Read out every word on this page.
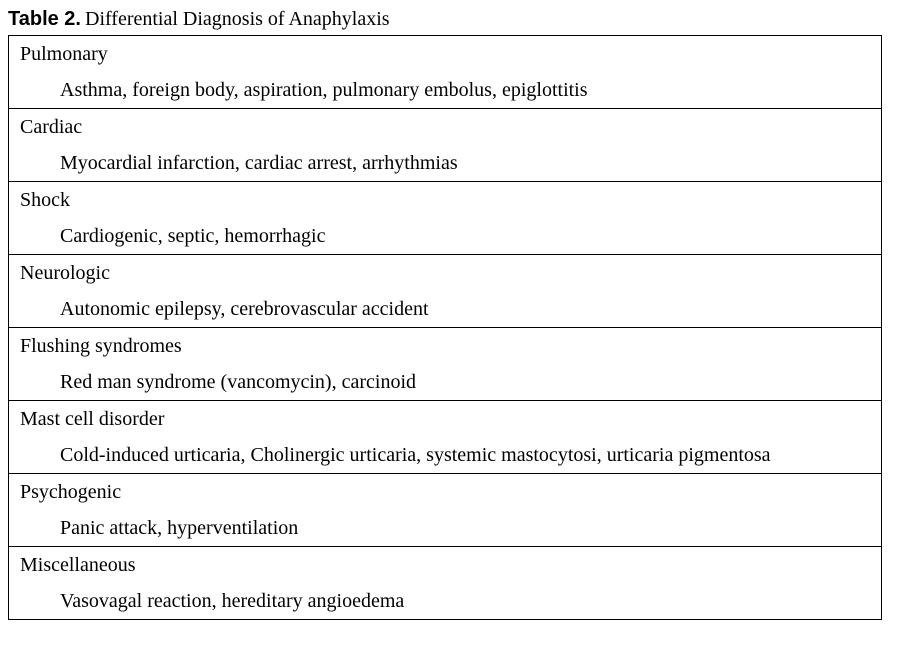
Table 2. Differential Diagnosis of Anaphylaxis
Pulmonary
Asthma, foreign body, aspiration, pulmonary embolus, epiglottitis
Cardiac
Myocardial infarction, cardiac arrest, arrhythmias
Shock
Cardiogenic, septic, hemorrhagic
Neurologic
Autonomic epilepsy, cerebrovascular accident
Flushing syndromes
Red man syndrome (vancomycin), carcinoid
Mast cell disorder
Cold-induced urticaria, Cholinergic urticaria, systemic mastocytosi, urticaria pigmentosa
Psychogenic
Panic attack, hyperventilation
Miscellaneous
Vasovagal reaction, hereditary angioedema
